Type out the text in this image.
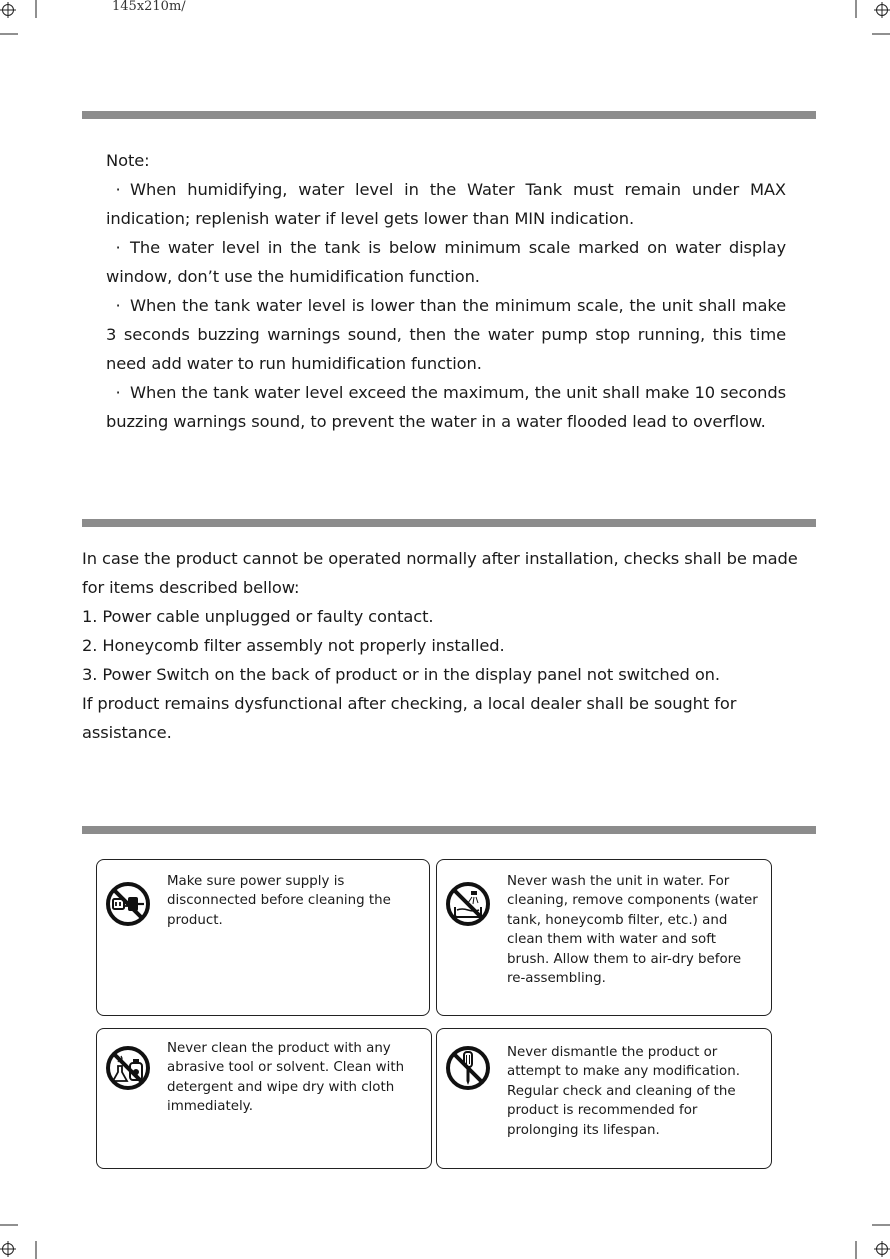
145x210m/

Note:

· When humidifying, water level in the Water Tank must remain under MAX indication; replenish water if level gets lower than MIN indication.

· The water level in the tank is below minimum scale marked on water display window, don’t use the humidification function.

· When the tank water level is lower than the minimum scale, the unit shall make 3 seconds buzzing warnings sound, then the water pump stop running, this time need add water to run humidification function.

· When the tank water level exceed the maximum, the unit shall make 10 seconds buzzing warnings sound, to prevent the water in a water flooded lead to overflow.

In case the product cannot be operated normally after installation, checks shall be made for items described bellow:

1. Power cable unplugged or faulty contact.

2. Honeycomb filter assembly not properly installed.

3. Power Switch on the back of product or in the display panel not switched on.

If product remains dysfunctional after checking, a local dealer shall be sought for assistance.

Make sure power supply is disconnected before cleaning the product.
Never wash the unit in water. For cleaning, remove components (water tank, honeycomb filter, etc.) and clean them with water and soft brush. Allow them to air-dry before re-assembling.
Never clean the product with any abrasive tool or solvent. Clean with detergent and wipe dry with cloth immediately.
Never dismantle the product or attempt to make any modification. Regular check and cleaning of the product is recommended for prolonging its lifespan.
